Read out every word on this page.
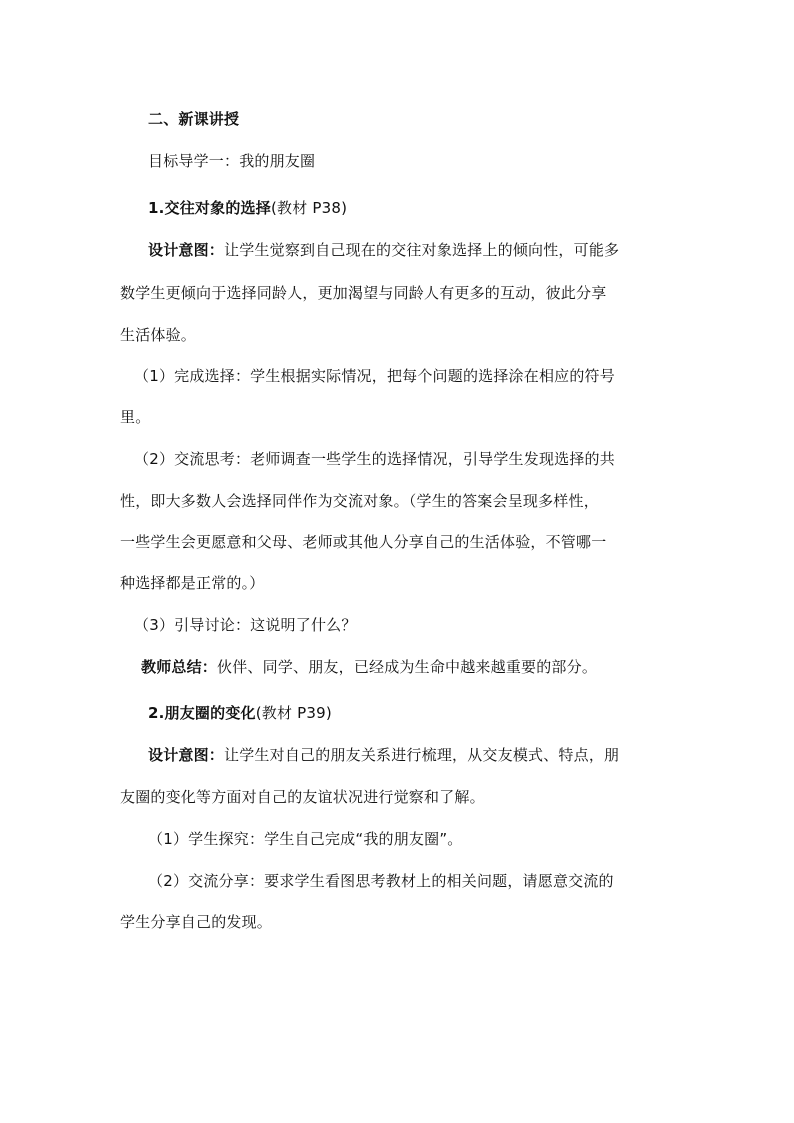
二、新课讲授
目标导学一：我的朋友圈
1.交往对象的选择(教材 P38)
设计意图：让学生觉察到自己现在的交往对象选择上的倾向性，可能多
数学生更倾向于选择同龄人，更加渴望与同龄人有更多的互动，彼此分享
生活体验。
（1）完成选择：学生根据实际情况，把每个问题的选择涂在相应的符号
里。
（2）交流思考：老师调查一些学生的选择情况，引导学生发现选择的共
性，即大多数人会选择同伴作为交流对象。（学生的答案会呈现多样性，
一些学生会更愿意和父母、老师或其他人分享自己的生活体验，不管哪一
种选择都是正常的。）
（3）引导讨论：这说明了什么？
教师总结：伙伴、同学、朋友，已经成为生命中越来越重要的部分。
2.朋友圈的变化(教材 P39)
设计意图：让学生对自己的朋友关系进行梳理，从交友模式、特点，朋
友圈的变化等方面对自己的友谊状况进行觉察和了解。
（1）学生探究：学生自己完成“我的朋友圈”。
（2）交流分享：要求学生看图思考教材上的相关问题，请愿意交流的
学生分享自己的发现。
